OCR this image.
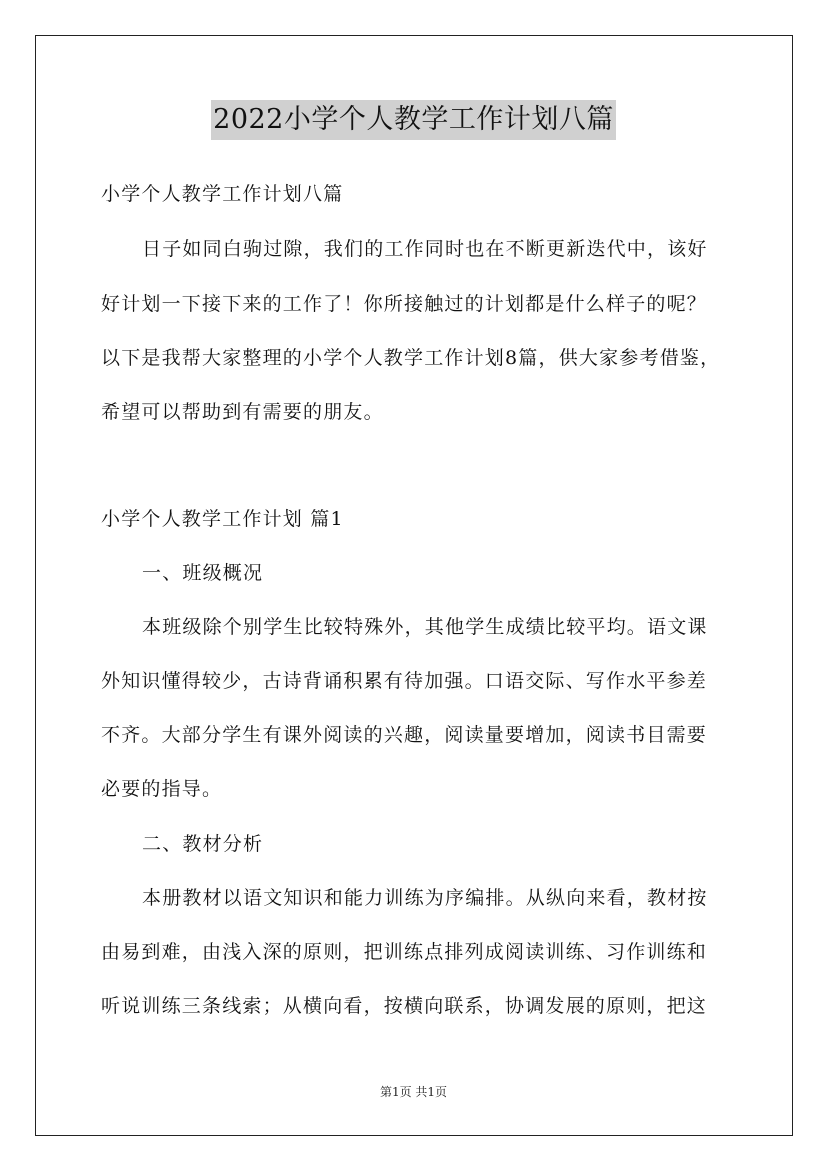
2022小学个人教学工作计划八篇
小学个人教学工作计划八篇
日子如同白驹过隙，我们的工作同时也在不断更新迭代中，该好
好计划一下接下来的工作了！你所接触过的计划都是什么样子的呢？
以下是我帮大家整理的小学个人教学工作计划8篇，供大家参考借鉴，
希望可以帮助到有需要的朋友。
小学个人教学工作计划 篇1
一、班级概况
本班级除个别学生比较特殊外，其他学生成绩比较平均。语文课
外知识懂得较少，古诗背诵积累有待加强。口语交际、写作水平参差
不齐。大部分学生有课外阅读的兴趣，阅读量要增加，阅读书目需要
必要的指导。
二、教材分析
本册教材以语文知识和能力训练为序编排。从纵向来看，教材按
由易到难，由浅入深的原则，把训练点排列成阅读训练、习作训练和
听说训练三条线索；从横向看，按横向联系，协调发展的原则，把这
第1页 共1页
